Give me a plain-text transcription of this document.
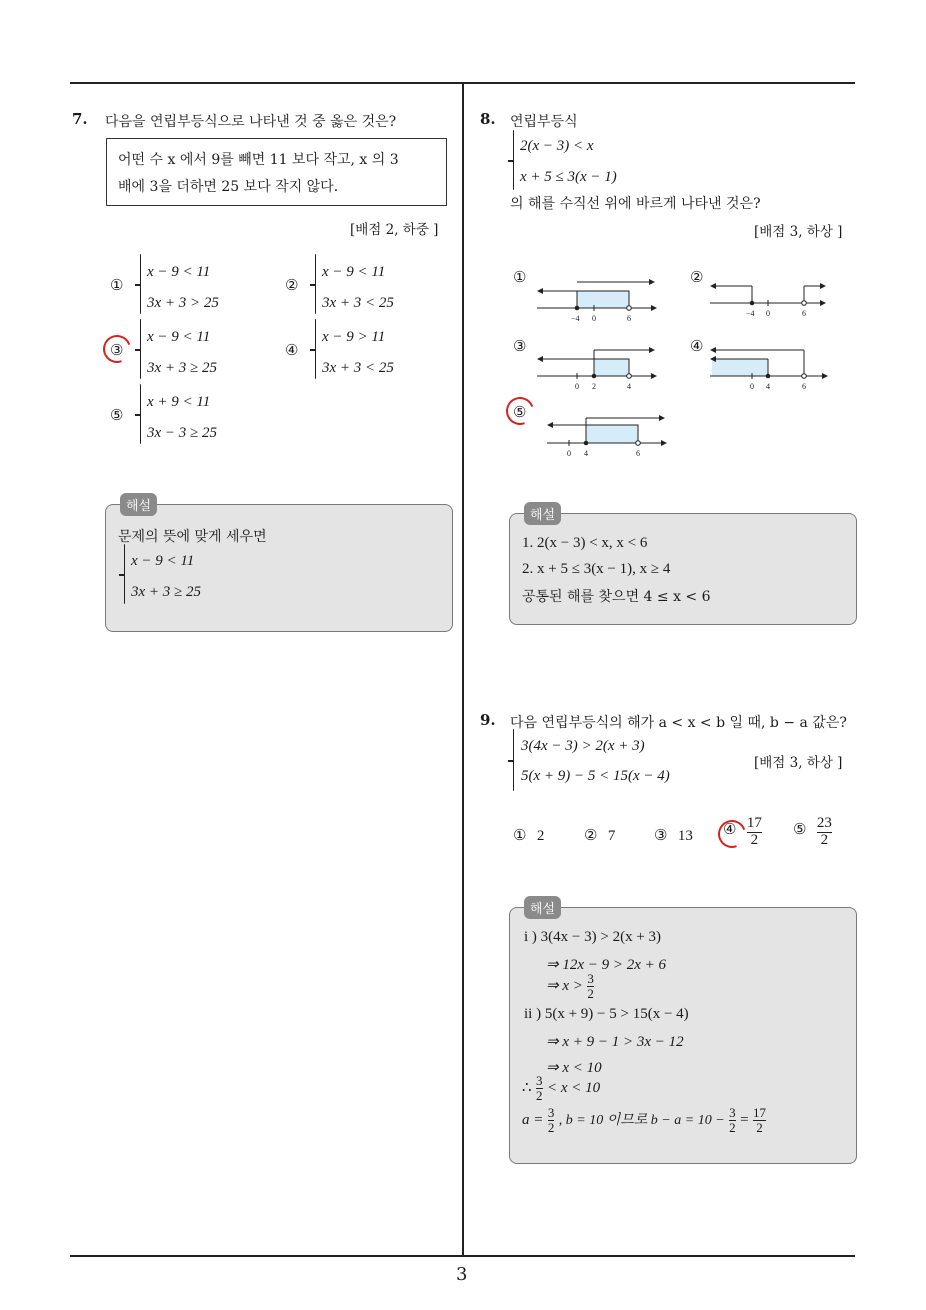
3
7. 다음을 연립부등식으로 나타낸 것 중 옳은 것은?
어떤 수 x 에서 9를 빼면 11 보다 작고, x 의 3
배에 3을 더하면 25 보다 작지 않다.
[배점 2, 하중 ]
①
x − 9 < 11
3x + 3 > 25
②
x − 9 < 11
3x + 3 < 25
③
x − 9 < 11
3x + 3 ≥ 25
④
x − 9 > 11
3x + 3 < 25
⑤
x + 9 < 11
3x − 3 ≥ 25
해설
문제의 뜻에 맞게 세우면
x − 9 < 11
3x + 3 ≥ 25
8. 연립부등식
2(x − 3) < x
x + 5 ≤ 3(x − 1)
의 해를 수직선 위에 바르게 나타낸 것은?
[배점 3, 하상 ]
①
−4 0	6
②
−4 0	6
③
0 2	4
④
0 4	6
⑤
0 4	6
해설
1. 2(x − 3) < x, x < 6
2. x + 5 ≤ 3(x − 1), x ≥ 4
공통된 해를 찾으면 4 ≤ x < 6
9. 다음 연립부등식의 해가 a < x < b 일 때, b − a 값은?
3(4x − 3) > 2(x + 3)
5(x + 9) − 5 < 15(x − 4)
[배점 3, 하상 ]
① 2	② 7	③ 13 ④ $\frac{17}{2}$ ⑤ $\frac{23}{2}$
해설
i ) 3(4x − 3) > 2(x + 3)
⇒ 12x − 9 > 2x + 6
⇒ $x > \frac{3}{2}$
ii ) 5(x + 9) − 5 > 15(x − 4)
⇒ x + 9 − 1 > 3x − 12
⇒ x < 10
∴ $\frac{3}{2} < x < 10$
$a = \frac{3}{2}$ , b = 10 이므로 $b - a = 10 - \frac{3}{2} = \frac{17}{2}$
